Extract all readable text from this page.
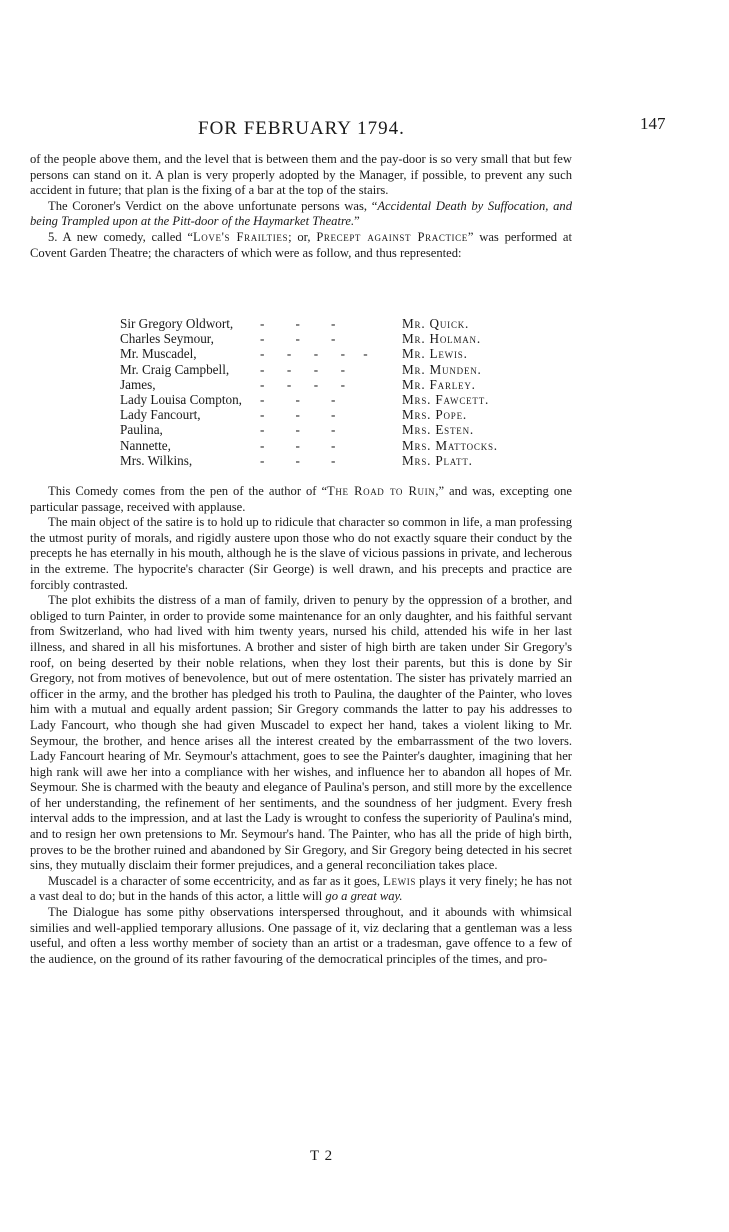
FOR FEBRUARY 1794.	147

of the people above them, and the level that is between them and the pay-door is so very small that but few persons can stand on it. A plan is very properly adopted by the Manager, if possible, to prevent any such accident in future; that plan is the fixing of a bar at the top of the stairs.

The Coroner's Verdict on the above unfortunate persons was, “Accidental Death by Suffocation, and being Trampled upon at the Pitt-door of the Haymarket Theatre.”

5. A new comedy, called “Love's Frailties; or, Precept against Practice” was performed at Covent Garden Theatre; the characters of which were as follow, and thus represented:

Sir Gregory Oldwort, -       -       -	Mr. Quick.
Charles Seymour,	-       -       -	Mr. Holman.
Mr. Muscadel,	-     -     -     -    -	Mr. Lewis.
Mr. Craig Campbell, -     -     -     -	Mr. Munden.
James,	-     -     -     -	Mr. Farley.
Lady Louisa Compton, -       -       -	Mrs. Fawcett.
Lady Fancourt,	-       -       -	Mrs. Pope.
Paulina,	-       -       -	Mrs. Esten.
Nannette,	-       -       -	Mrs. Mattocks.
Mrs. Wilkins,	-       -       -	Mrs. Platt.

This Comedy comes from the pen of the author of “The Road to Ruin,” and was, excepting one particular passage, received with applause.

The main object of the satire is to hold up to ridicule that character so common in life, a man professing the utmost purity of morals, and rigidly austere upon those who do not exactly square their conduct by the precepts he has eternally in his mouth, although he is the slave of vicious passions in private, and lecherous in the extreme. The hypocrite's character (Sir George) is well drawn, and his precepts and practice are forcibly contrasted.

The plot exhibits the distress of a man of family, driven to penury by the oppression of a brother, and obliged to turn Painter, in order to provide some maintenance for an only daughter, and his faithful servant from Switzerland, who had lived with him twenty years, nursed his child, attended his wife in her last illness, and shared in all his misfortunes. A brother and sister of high birth are taken under Sir Gregory's roof, on being deserted by their noble relations, when they lost their parents, but this is done by Sir Gregory, not from motives of benevolence, but out of mere ostentation. The sister has privately married an officer in the army, and the brother has pledged his troth to Paulina, the daughter of the Painter, who loves him with a mutual and equally ardent passion; Sir Gregory commands the latter to pay his addresses to Lady Fancourt, who though she had given Muscadel to expect her hand, takes a violent liking to Mr. Seymour, the brother, and hence arises all the interest created by the embarrassment of the two lovers. Lady Fancourt hearing of Mr. Seymour's attachment, goes to see the Painter's daughter, imagining that her high rank will awe her into a compliance with her wishes, and influence her to abandon all hopes of Mr. Seymour. She is charmed with the beauty and elegance of Paulina's person, and still more by the excellence of her understanding, the refinement of her sentiments, and the soundness of her judgment. Every fresh interval adds to the impression, and at last the Lady is wrought to confess the superiority of Paulina's mind, and to resign her own pretensions to Mr. Seymour's hand. The Painter, who has all the pride of high birth, proves to be the brother ruined and abandoned by Sir Gregory, and Sir Gregory being detected in his secret sins, they mutually disclaim their former prejudices, and a general reconciliation takes place.

Muscadel is a character of some eccentricity, and as far as it goes, Lewis plays it very finely; he has not a vast deal to do; but in the hands of this actor, a little will go a great way.

The Dialogue has some pithy observations interspersed throughout, and it abounds with whimsical similies and well-applied temporary allusions. One passage of it, viz declaring that a gentleman was a less useful, and often a less worthy member of society than an artist or a tradesman, gave offence to a few of the audience, on the ground of its rather favouring of the democratical principles of the times, and pro-

T 2
